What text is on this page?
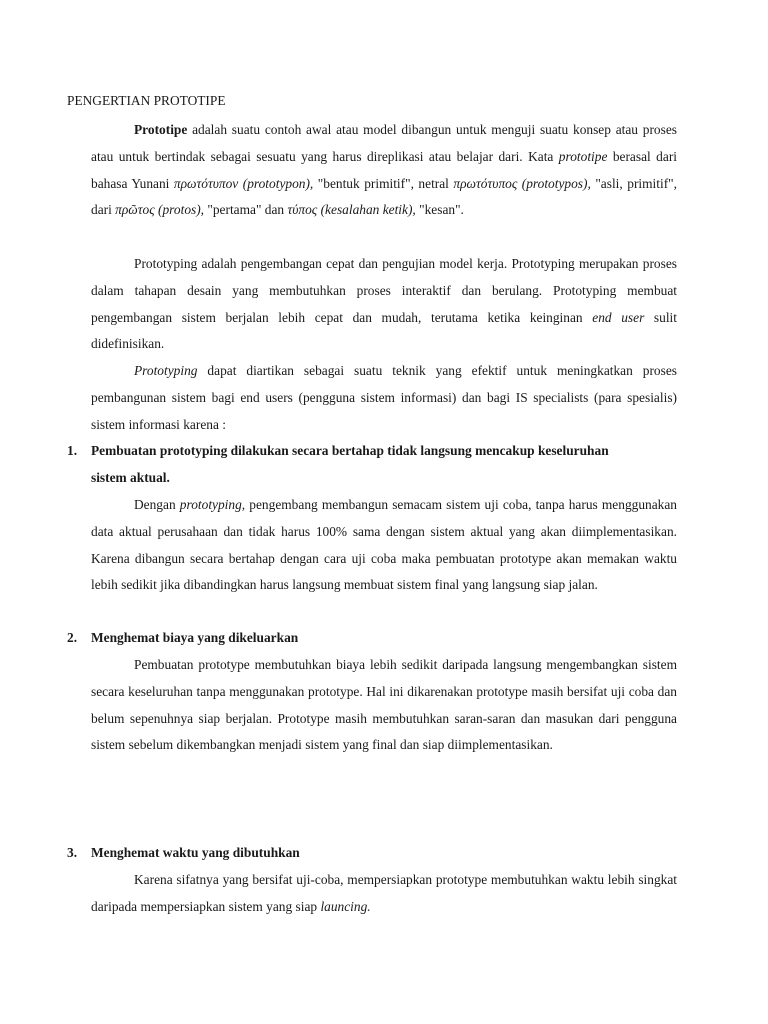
PENGERTIAN PROTOTIPE

Prototipe adalah suatu contoh awal atau model dibangun untuk menguji suatu konsep atau proses atau untuk bertindak sebagai sesuatu yang harus direplikasi atau belajar dari. Kata prototipe berasal dari bahasa Yunani πρωτότυπον (prototypon), "bentuk primitif", netral πρωτότυπος (prototypos), "asli, primitif", dari πρῶτος (protos), "pertama" dan τύπος (kesalahan ketik), "kesan".

Prototyping adalah pengembangan cepat dan pengujian model kerja. Prototyping merupakan proses dalam tahapan desain yang membutuhkan proses interaktif dan berulang. Prototyping membuat pengembangan sistem berjalan lebih cepat dan mudah, terutama ketika keinginan end user sulit didefinisikan.

Prototyping dapat diartikan sebagai suatu teknik yang efektif untuk meningkatkan proses pembangunan sistem bagi end users (pengguna sistem informasi) dan bagi IS specialists (para spesialis) sistem informasi karena :

1. Pembuatan prototyping dilakukan secara bertahap tidak langsung mencakup keseluruhan
sistem aktual.

Dengan prototyping, pengembang membangun semacam sistem uji coba, tanpa harus menggunakan data aktual perusahaan dan tidak harus 100% sama dengan sistem aktual yang akan diimplementasikan. Karena dibangun secara bertahap dengan cara uji coba maka pembuatan prototype akan memakan waktu lebih sedikit jika dibandingkan harus langsung membuat sistem final yang langsung siap jalan.

2. Menghemat biaya yang dikeluarkan

Pembuatan prototype membutuhkan biaya lebih sedikit daripada langsung mengembangkan sistem secara keseluruhan tanpa menggunakan prototype. Hal ini dikarenakan prototype masih bersifat uji coba dan belum sepenuhnya siap berjalan. Prototype masih membutuhkan saran-saran dan masukan dari pengguna sistem sebelum dikembangkan menjadi sistem yang final dan siap diimplementasikan.

3. Menghemat waktu yang dibutuhkan

Karena sifatnya yang bersifat uji-coba, mempersiapkan prototype membutuhkan waktu lebih singkat daripada mempersiapkan sistem yang siap launcing.
